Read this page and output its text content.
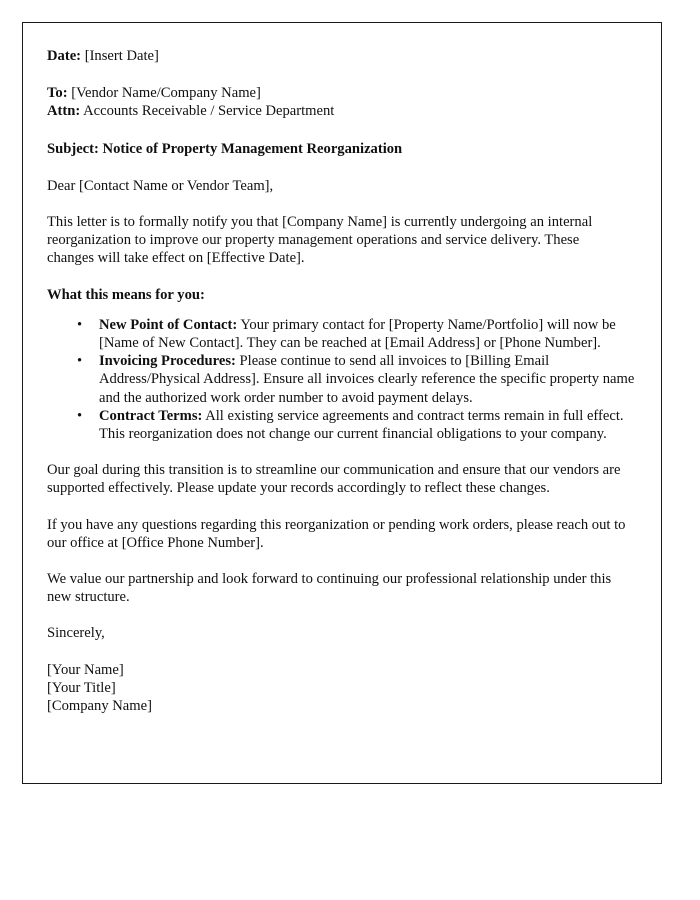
Date: [Insert Date]

To: [Vendor Name/Company Name]

Attn: Accounts Receivable / Service Department

Subject: Notice of Property Management Reorganization

Dear [Contact Name or Vendor Team],

This letter is to formally notify you that [Company Name] is currently undergoing an internal reorganization to improve our property management operations and service delivery. These changes will take effect on [Effective Date].

What this means for you:

• New Point of Contact: Your primary contact for [Property Name/Portfolio] will now be [Name of New Contact]. They can be reached at [Email Address] or [Phone Number].
• Invoicing Procedures: Please continue to send all invoices to [Billing Email Address/Physical Address]. Ensure all invoices clearly reference the specific property name and the authorized work order number to avoid payment delays.
• Contract Terms: All existing service agreements and contract terms remain in full effect. This reorganization does not change our current financial obligations to your company.

Our goal during this transition is to streamline our communication and ensure that our vendors are supported effectively. Please update your records accordingly to reflect these changes.

If you have any questions regarding this reorganization or pending work orders, please reach out to our office at [Office Phone Number].

We value our partnership and look forward to continuing our professional relationship under this new structure.

Sincerely,

[Your Name]

[Your Title]

[Company Name]
